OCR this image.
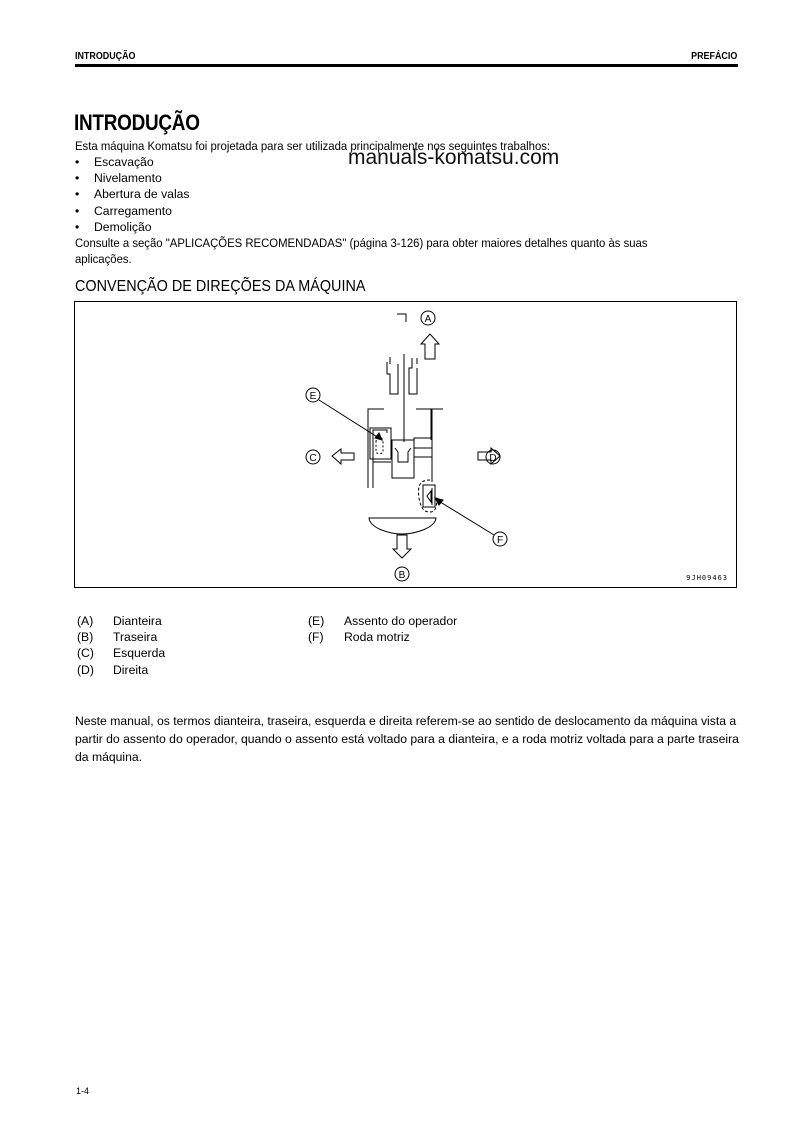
INTRODUÇÃO	PREFÁCIO
INTRODUÇÃO
Esta máquina Komatsu foi projetada para ser utilizada principalmente nos seguintes trabalhos:
manuals-komatsu.com
• Escavação
• Nivelamento
• Abertura de valas
• Carregamento
• Demolição
Consulte a seção "APLICAÇÕES RECOMENDADAS" (página 3-126) para obter maiores detalhes quanto às suas
aplicações.
CONVENÇÃO DE DIREÇÕES DA MÁQUINA
A
E
C	D
F
B	9JH09463
(A)	Dianteira
(B)	Traseira
(C)	Esquerda
(D)	Direita
(E)	Assento do operador
(F)	Roda motriz
Neste manual, os termos dianteira, traseira, esquerda e direita referem-se ao sentido de deslocamento da máquina vista a partir do assento do operador, quando o assento está voltado para a dianteira, e a roda motriz voltada para a parte traseira da máquina.
1-4
